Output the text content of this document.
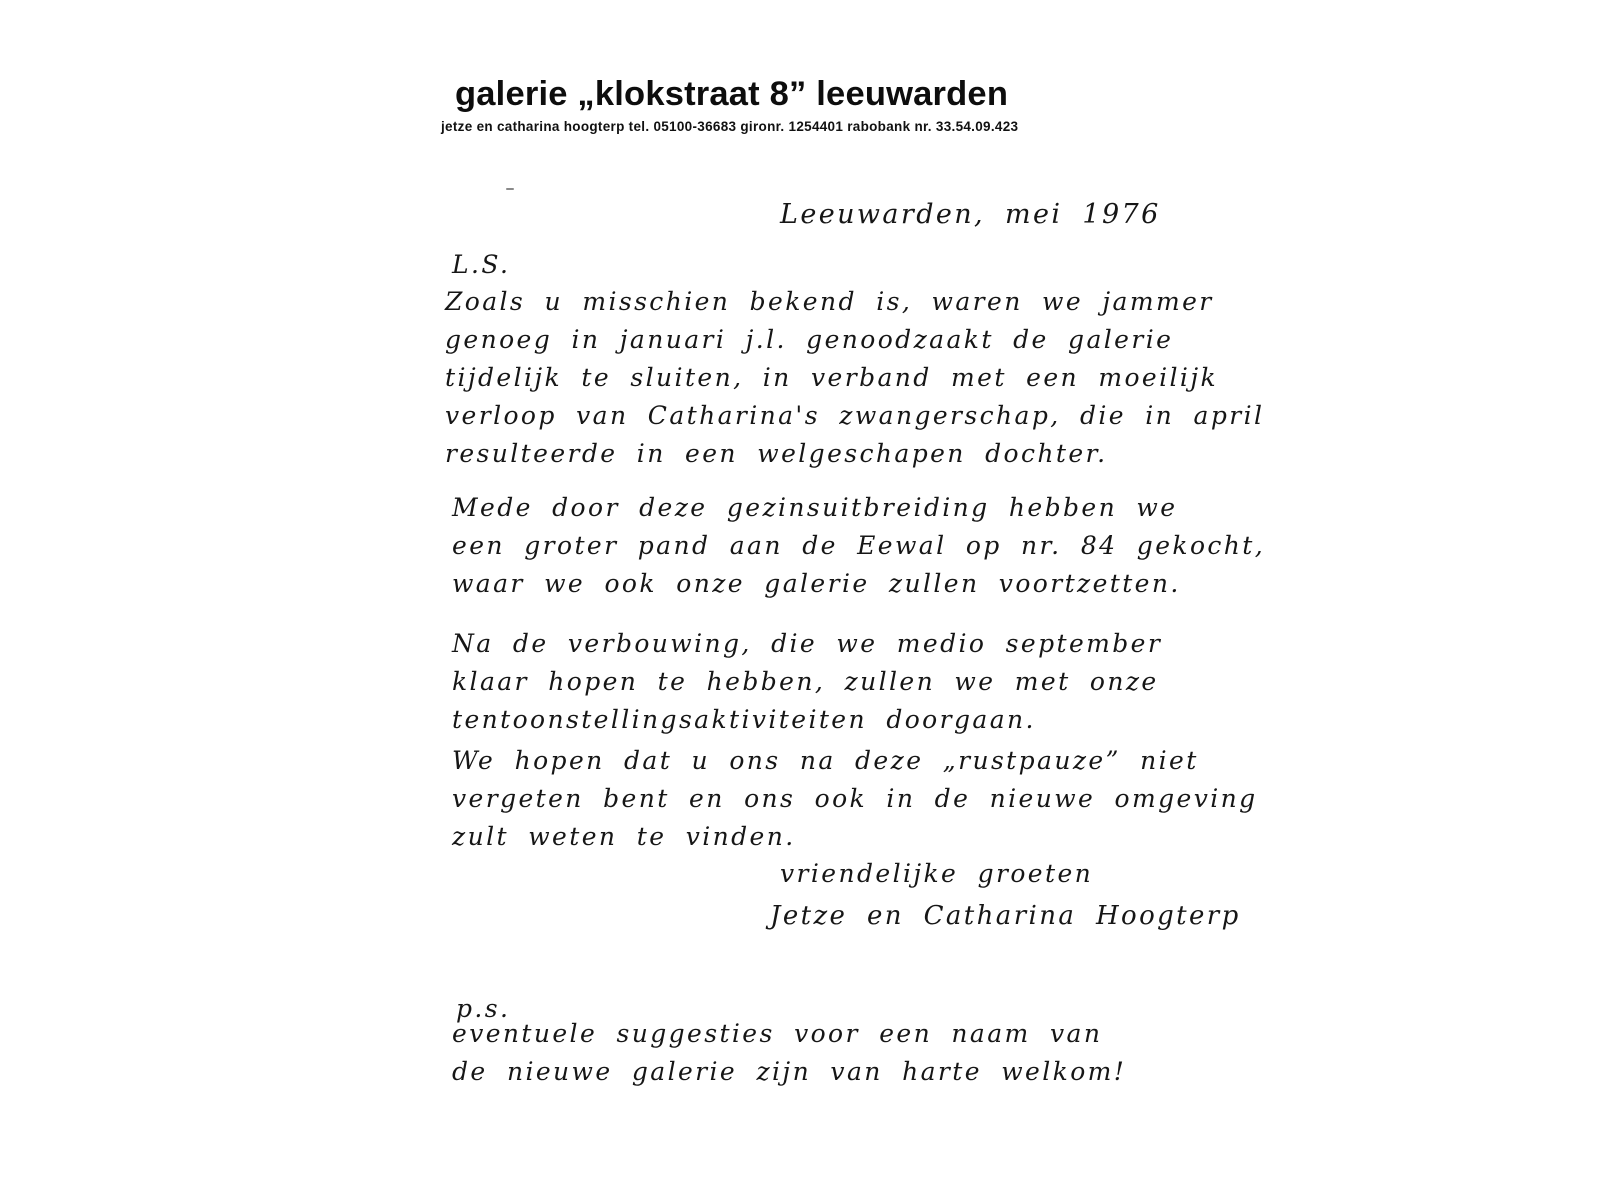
galerie „klokstraat 8” leeuwarden
jetze en catharina hoogterp tel. 05100-36683 gironr. 1254401 rabobank nr. 33.54.09.423
Leeuwarden, mei 1976
L.S.
Zoals u misschien bekend is, waren we jammer
genoeg in januari j.l. genoodzaakt de galerie
tijdelijk te sluiten, in verband met een moeilijk
verloop van Catharina's zwangerschap, die in april
resulteerde in een welgeschapen dochter.
Mede door deze gezinsuitbreiding hebben we
een groter pand aan de Eewal op nr. 84 gekocht,
waar we ook onze galerie zullen voortzetten.
Na de verbouwing, die we medio september
klaar hopen te hebben, zullen we met onze
tentoonstellingsaktiviteiten doorgaan.
We hopen dat u ons na deze „rustpauze” niet
vergeten bent en ons ook in de nieuwe omgeving
zult weten te vinden.
vriendelijke groeten
Jetze en Catharina Hoogterp
p.s.
eventuele suggesties voor een naam van
de nieuwe galerie zijn van harte welkom!
